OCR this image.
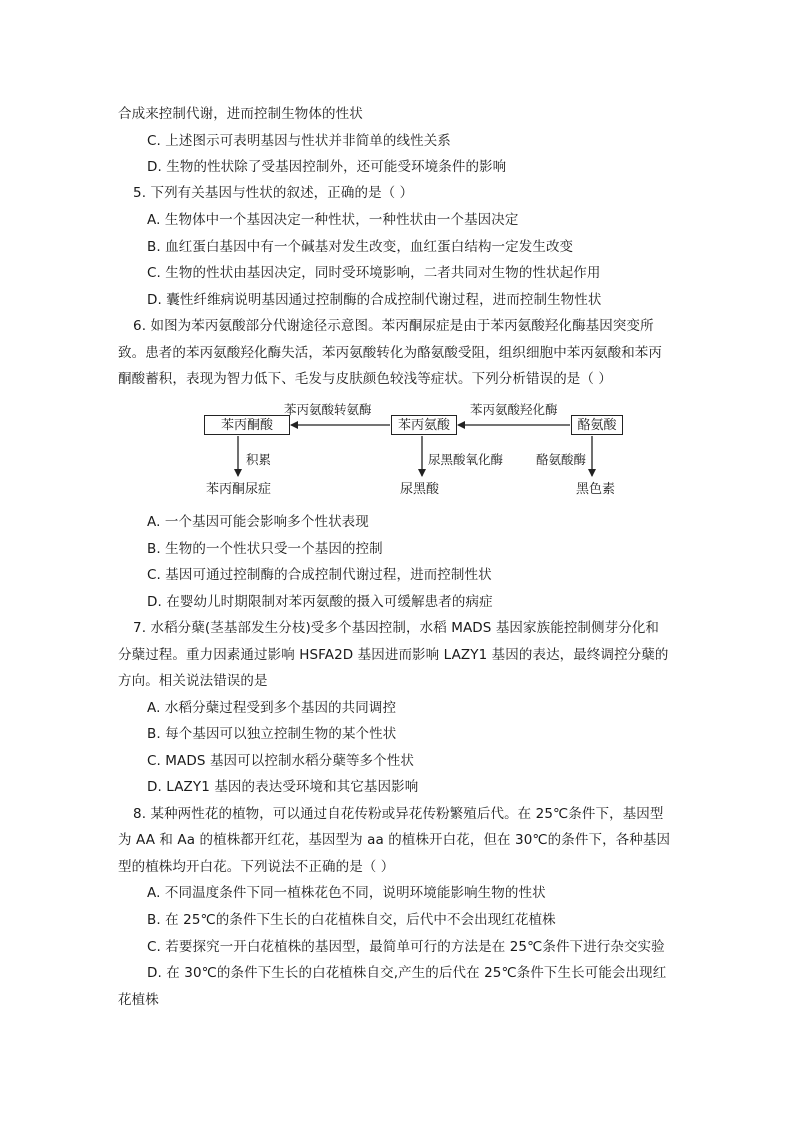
合成来控制代谢，进而控制生物体的性状
C. 上述图示可表明基因与性状并非简单的线性关系
D. 生物的性状除了受基因控制外，还可能受环境条件的影响
5. 下列有关基因与性状的叙述，正确的是（ ）
A. 生物体中一个基因决定一种性状，一种性状由一个基因决定
B. 血红蛋白基因中有一个碱基对发生改变，血红蛋白结构一定发生改变
C. 生物的性状由基因决定，同时受环境影响，二者共同对生物的性状起作用
D. 囊性纤维病说明基因通过控制酶的合成控制代谢过程，进而控制生物性状
6. 如图为苯丙氨酸部分代谢途径示意图。苯丙酮尿症是由于苯丙氨酸羟化酶基因突变所
致。患者的苯丙氨酸羟化酶失活，苯丙氨酸转化为酪氨酸受阻，组织细胞中苯丙氨酸和苯丙
酮酸蓄积，表现为智力低下、毛发与皮肤颜色较浅等症状。下列分析错误的是（ ）
苯丙酮酸	苯丙氨酸	酪氨酸
苯丙氨酸转氨酶	苯丙氨酸羟化酶
积累	尿黑酸氧化酶	酪氨酸酶
苯丙酮尿症	尿黑酸	黑色素
A. 一个基因可能会影响多个性状表现
B. 生物的一个性状只受一个基因的控制
C. 基因可通过控制酶的合成控制代谢过程，进而控制性状
D. 在婴幼儿时期限制对苯丙氨酸的摄入可缓解患者的病症
7. 水稻分蘖(茎基部发生分枝)受多个基因控制，水稻 MADS 基因家族能控制侧芽分化和
分蘖过程。重力因素通过影响 HSFA2D 基因进而影响 LAZY1 基因的表达，最终调控分蘖的
方向。相关说法错误的是
A. 水稻分蘖过程受到多个基因的共同调控
B. 每个基因可以独立控制生物的某个性状
C. MADS 基因可以控制水稻分蘖等多个性状
D. LAZY1 基因的表达受环境和其它基因影响
8. 某种两性花的植物，可以通过自花传粉或异花传粉繁殖后代。在 25℃条件下，基因型
为 AA 和 Aa 的植株都开红花，基因型为 aa 的植株开白花，但在 30℃的条件下，各种基因
型的植株均开白花。下列说法不正确的是（ ）
A. 不同温度条件下同一植株花色不同，说明环境能影响生物的性状
B. 在 25℃的条件下生长的白花植株自交，后代中不会出现红花植株
C. 若要探究一开白花植株的基因型，最简单可行的方法是在 25℃条件下进行杂交实验
D. 在 30℃的条件下生长的白花植株自交,产生的后代在 25℃条件下生长可能会出现红
花植株
